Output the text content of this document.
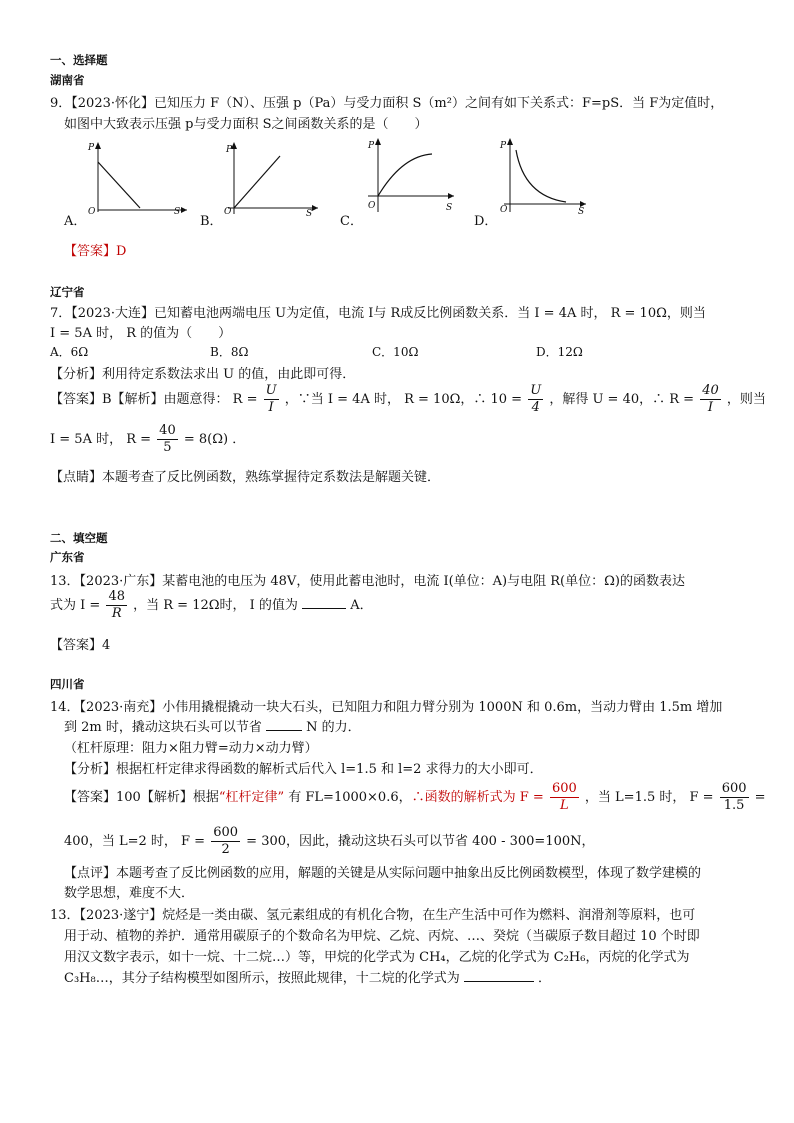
一、选择题
湖南省
9．【2023·怀化】已知压力 F（N）、压强 p（Pa）与受力面积 S（m²）之间有如下关系式：F=pS．当 F为定值时，
如图中大致表示压强 p与受力面积 S之间函数关系的是（　　）
A．
P
O	S
B．
P
O	S C．
P
O	S
D．
P
O	S
【答案】D
辽宁省
7．【2023·大连】已知蓄电池两端电压 U为定值，电流 I与 R成反比例函数关系．当 I = 4A 时， R = 10Ω，则当
I = 5A 时， R 的值为（　　）
A．6Ω	B．8Ω	C．10Ω	D．12Ω
【分析】利用待定系数法求出 U 的值，由此即可得．
【答案】B【解析】由题意得： $R = \frac{U}{I}$ ，∵当 I = 4A 时， R = 10Ω，∴ $10 = \frac{U}{4}$ ，解得 U = 40，∴ $R = \frac{40}{I}$ ，则当
I = 5A 时， $R = \frac{40}{5} = 8(\Omega)$ ．
【点睛】本题考查了反比例函数，熟练掌握待定系数法是解题关键．
二、填空题
广东省
13．【2023·广东】某蓄电池的电压为 48V，使用此蓄电池时，电流 I(单位：A)与电阻 R(单位：Ω)的函数表达
式为 $I = \frac{48}{R}$ ，当 R = 12Ω时， I 的值为	A．
【答案】4
四川省
14．【2023·南充】小伟用撬棍撬动一块大石头，已知阻力和阻力臂分别为 1000N 和 0.6m，当动力臂由 1.5m 增加
到 2m 时，撬动这块石头可以节省	N 的力．
（杠杆原理：阻力×阻力臂=动力×动力臂）
【分析】根据杠杆定律求得函数的解析式后代入 l=1.5 和 l=2 求得力的大小即可．
【答案】100【解析】根据“杠杆定律” 有 FL=1000×0.6，∴函数的解析式为 $F = \frac{600}{L}$ ，当 L=1.5 时， $F = \frac{600}{1.5}$ =
400，当 L=2 时， $F = \frac{600}{2} = 300$，因此，撬动这块石头可以节省 400 - 300=100N，
【点评】本题考查了反比例函数的应用，解题的关键是从实际问题中抽象出反比例函数模型，体现了数学建模的
数学思想，难度不大．
13．【2023·遂宁】烷烃是一类由碳、氢元素组成的有机化合物，在生产生活中可作为燃料、润滑剂等原料，也可
用于动、植物的养护．通常用碳原子的个数命名为甲烷、乙烷、丙烷、…、癸烷（当碳原子数目超过 10 个时即
用汉文数字表示，如十一烷、十二烷…）等，甲烷的化学式为 CH₄，乙烷的化学式为 C₂H₆，丙烷的化学式为
C₃H₈…，其分子结构模型如图所示，按照此规律，十二烷的化学式为	．
